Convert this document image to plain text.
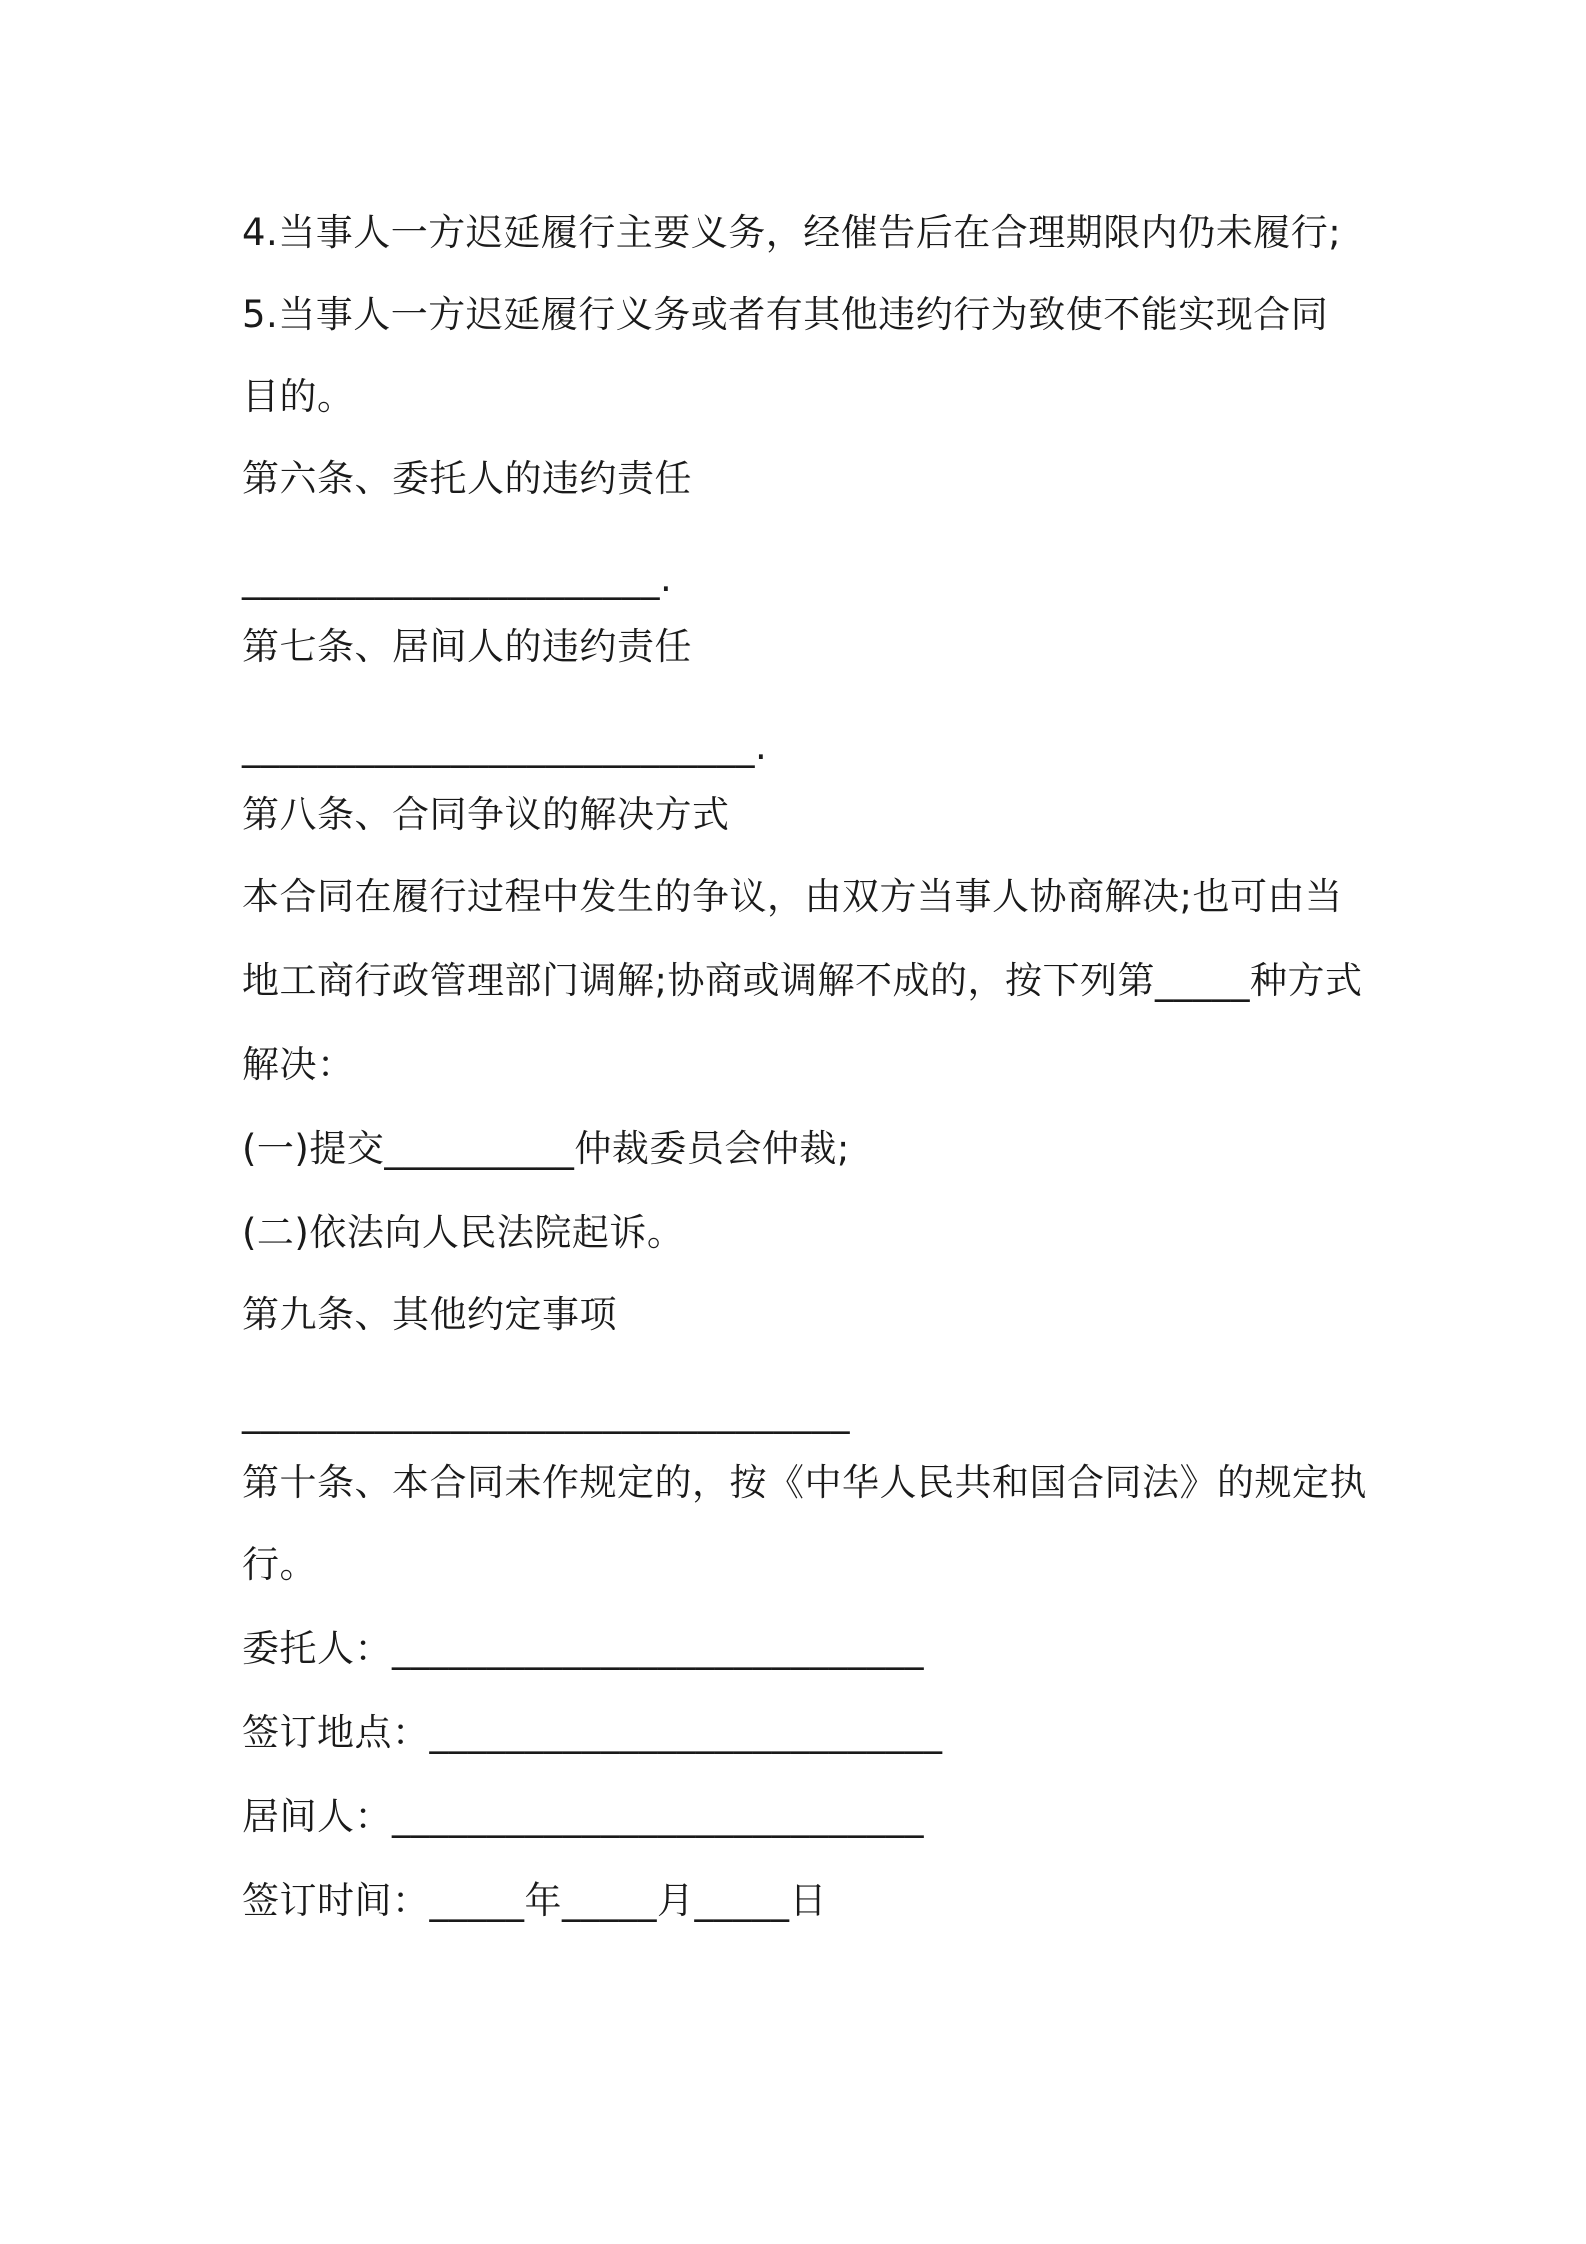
4.当事人一方迟延履行主要义务，经催告后在合理期限内仍未履行;
5.当事人一方迟延履行义务或者有其他违约行为致使不能实现合同
目的。
第六条、委托人的违约责任
______________________.
第七条、居间人的违约责任
___________________________.
第八条、合同争议的解决方式
本合同在履行过程中发生的争议，由双方当事人协商解决;也可由当
地工商行政管理部门调解;协商或调解不成的，按下列第_____种方式
解决：
(一)提交__________仲裁委员会仲裁;
(二)依法向人民法院起诉。
第九条、其他约定事项
________________________________
第十条、本合同未作规定的，按《中华人民共和国合同法》的规定执
行。
委托人：____________________________
签订地点：___________________________
居间人：____________________________
签订时间：_____年_____月_____日
